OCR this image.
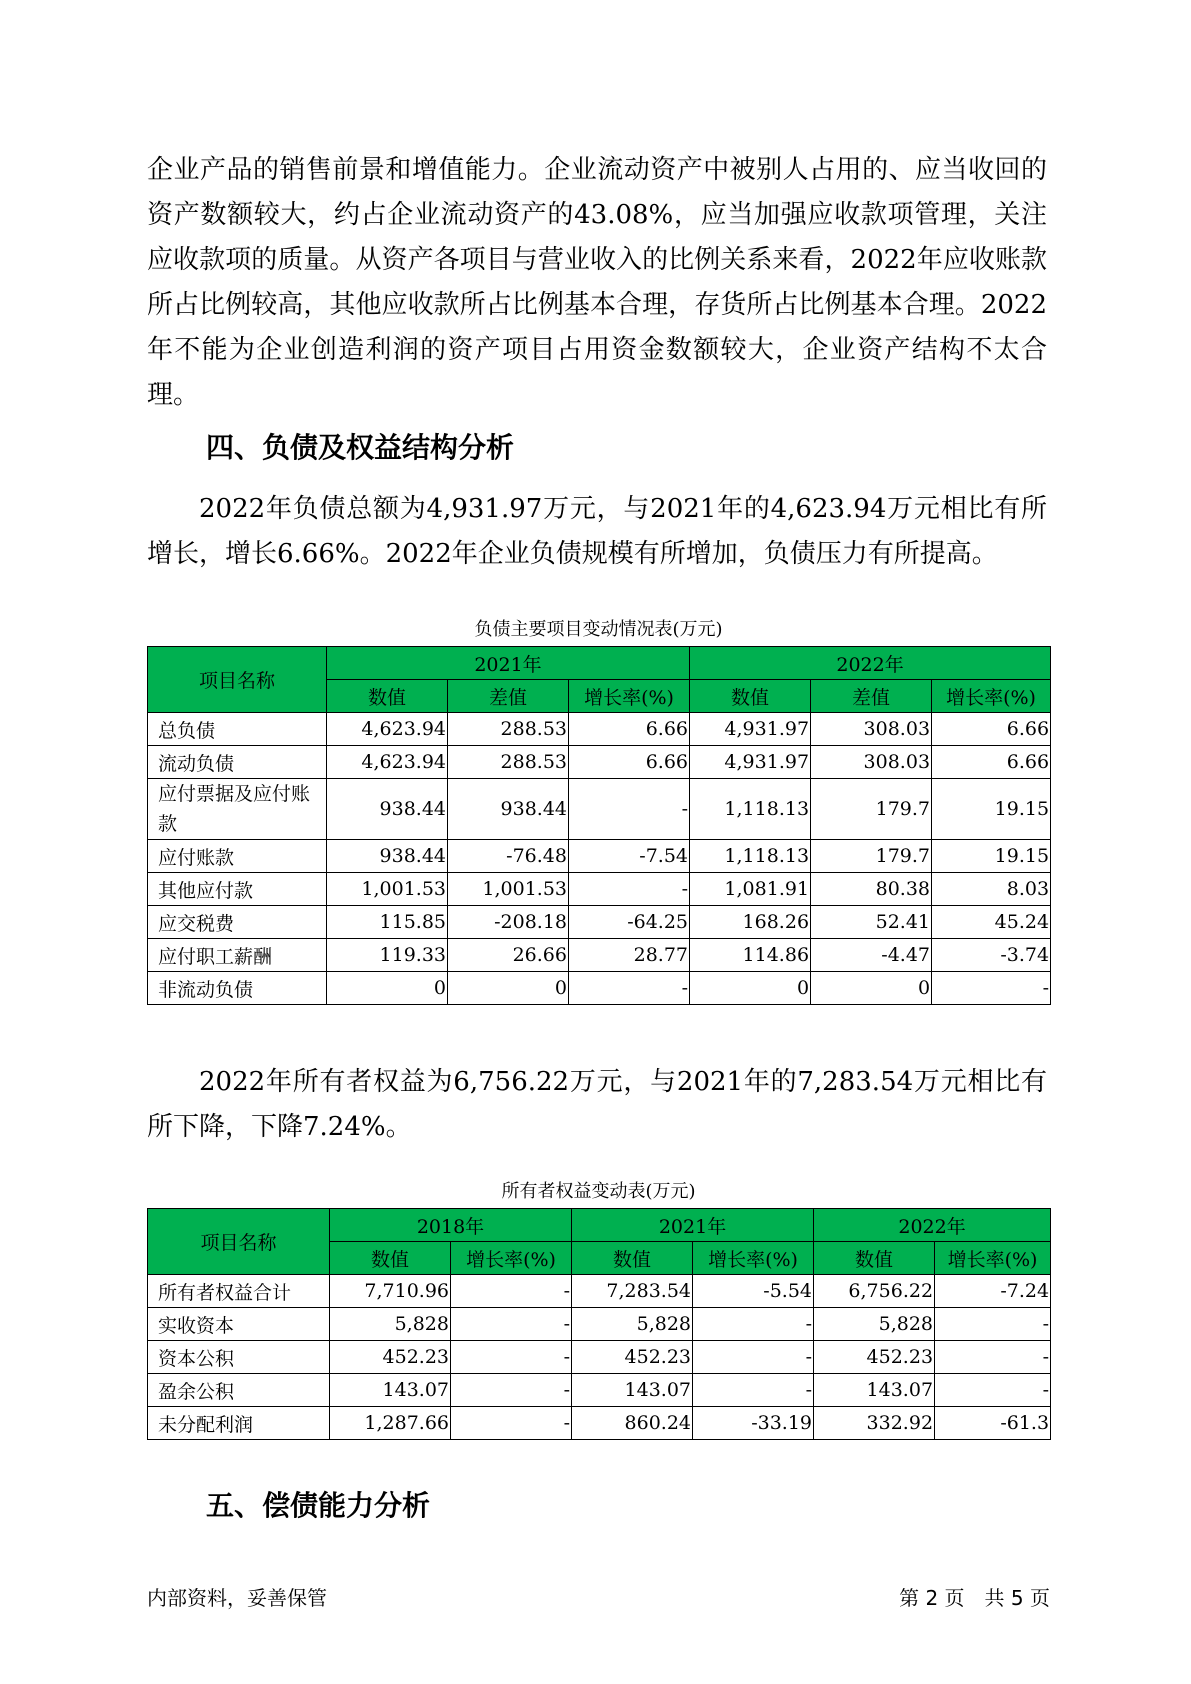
企业产品的销售前景和增值能力。企业流动资产中被别人占用的、应当收回的资产数额较大，约占企业流动资产的43.08%，应当加强应收款项管理，关注应收款项的质量。从资产各项目与营业收入的比例关系来看，2022年应收账款所占比例较高，其他应收款所占比例基本合理，存货所占比例基本合理。2022年不能为企业创造利润的资产项目占用资金数额较大，企业资产结构不太合理。

四、负债及权益结构分析

2022年负债总额为4,931.97万元，与2021年的4,623.94万元相比有所增长，增长6.66%。2022年企业负债规模有所增加，负债压力有所提高。

负债主要项目变动情况表(万元)

项目名称	2021年			2022年		
	数值	差值	增长率(%)	数值	差值	增长率(%)
总负债	4,623.94	288.53	6.66	4,931.97	308.03	6.66
流动负债	4,623.94	288.53	6.66	4,931.97	308.03	6.66
应付票据及应付账款	938.44	938.44	-	1,118.13	179.7	19.15
应付账款	938.44	-76.48	-7.54	1,118.13	179.7	19.15
其他应付款	1,001.53	1,001.53	-	1,081.91	80.38	8.03
应交税费	115.85	-208.18	-64.25	168.26	52.41	45.24
应付职工薪酬	119.33	26.66	28.77	114.86	-4.47	-3.74
非流动负债	0	0	-	0	0	-

2022年所有者权益为6,756.22万元，与2021年的7,283.54万元相比有所下降，下降7.24%。

所有者权益变动表(万元)

项目名称	2018年		2021年		2022年	
	数值	增长率(%)	数值	增长率(%)	数值	增长率(%)
所有者权益合计	7,710.96	-	7,283.54	-5.54	6,756.22	-7.24
实收资本	5,828	-	5,828	-	5,828	-
资本公积	452.23	-	452.23	-	452.23	-
盈余公积	143.07	-	143.07	-	143.07	-
未分配利润	1,287.66	-	860.24	-33.19	332.92	-61.3
五、偿债能力分析

内部资料，妥善保管	第 2 页　共 5 页
